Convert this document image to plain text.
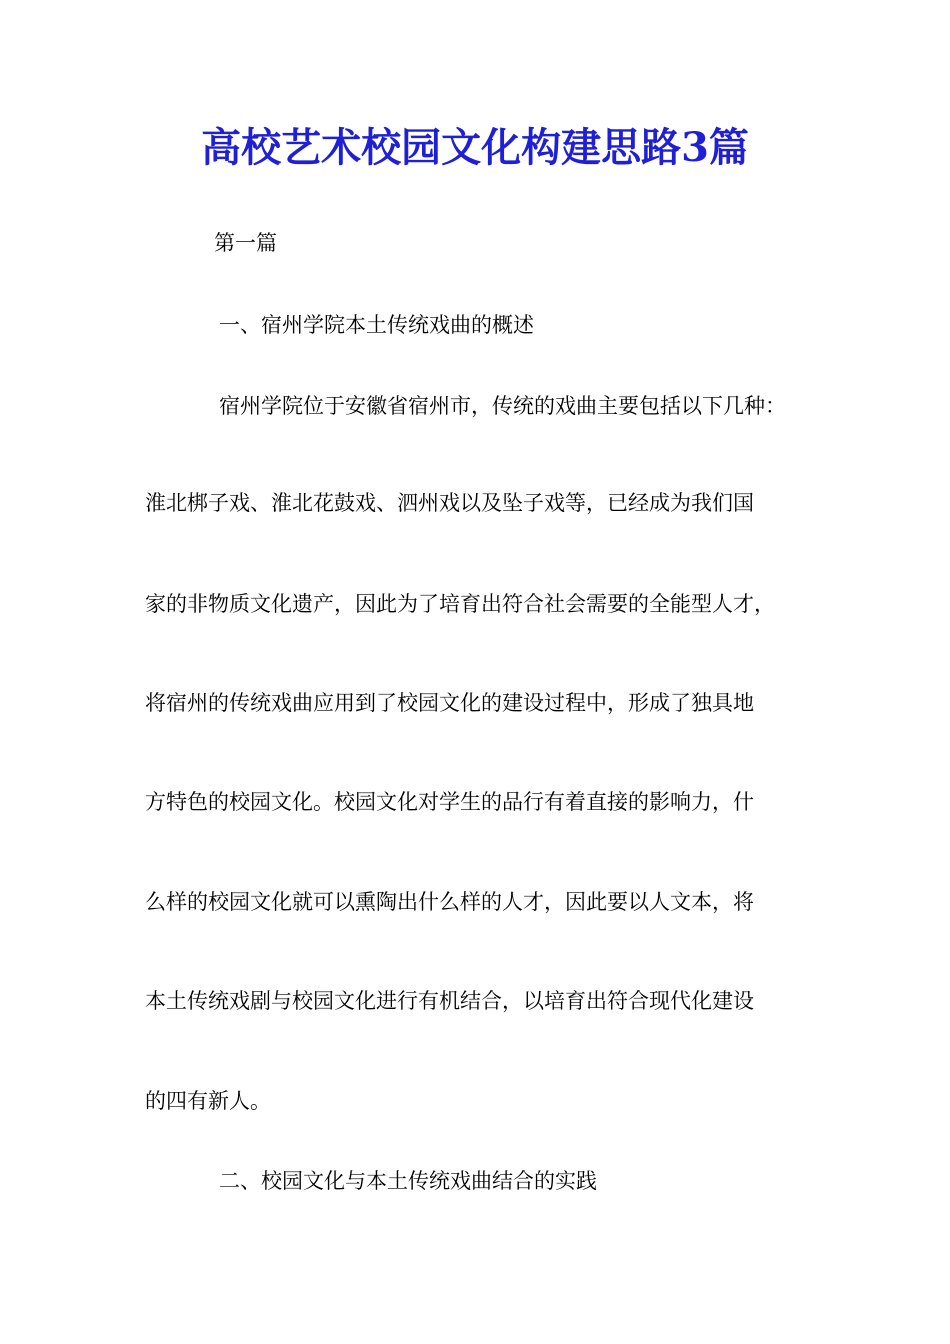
高校艺术校园文化构建思路3篇

第一篇

一、宿州学院本土传统戏曲的概述

宿州学院位于安徽省宿州市，传统的戏曲主要包括以下几种：

淮北梆子戏、淮北花鼓戏、泗州戏以及坠子戏等，已经成为我们国

家的非物质文化遗产，因此为了培育出符合社会需要的全能型人才，

将宿州的传统戏曲应用到了校园文化的建设过程中，形成了独具地

方特色的校园文化。校园文化对学生的品行有着直接的影响力，什

么样的校园文化就可以熏陶出什么样的人才，因此要以人文本，将

本土传统戏剧与校园文化进行有机结合，以培育出符合现代化建设

的四有新人。

二、校园文化与本土传统戏曲结合的实践
